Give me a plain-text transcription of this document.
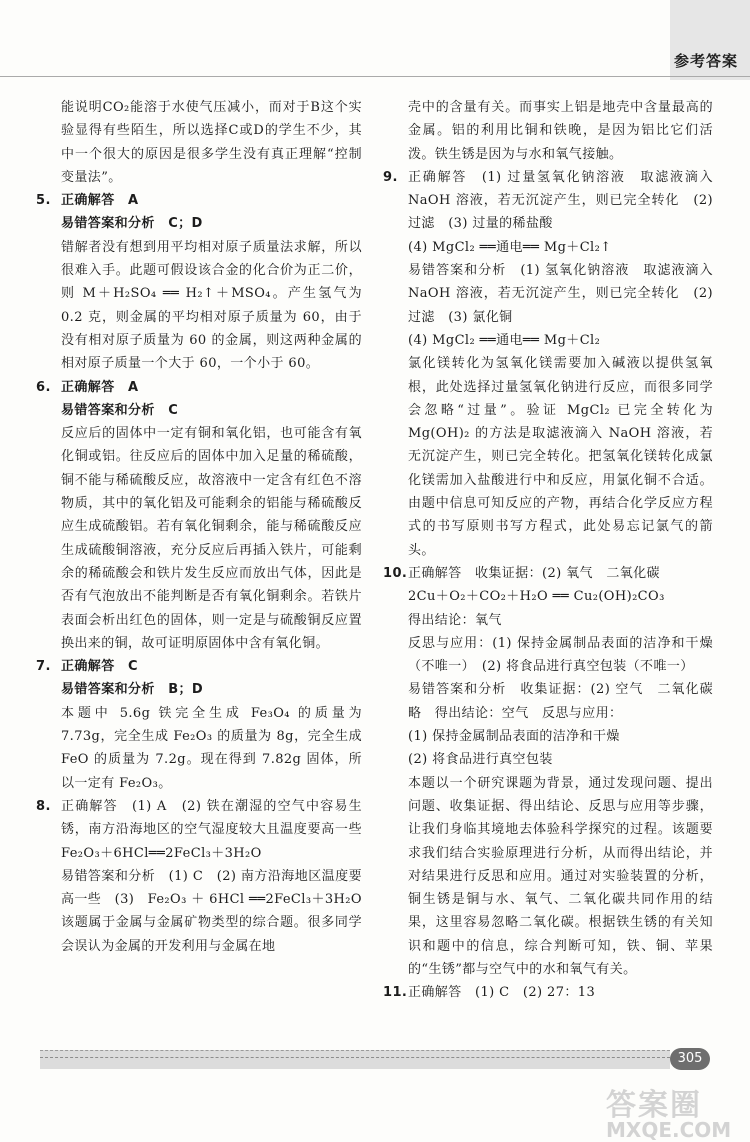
参考答案

能说明CO₂能溶于水使气压减小，而对于B这个实验显得有些陌生，所以选择C或D的学生不少，其中一个很大的原因是很多学生没有真正理解“控制变量法”。

5. 正确解答　A

易错答案和分析　C；D

错解者没有想到用平均相对原子质量法求解，所以很难入手。此题可假设该合金的化合价为正二价，则 M＋H₂SO₄ ══ H₂↑＋MSO₄。产生氢气为 0.2 克，则金属的平均相对原子质量为 60，由于没有相对原子质量为 60 的金属，则这两种金属的相对原子质量一个大于 60，一个小于 60。

6. 正确解答　A

易错答案和分析　C

反应后的固体中一定有铜和氧化铝，也可能含有氧化铜或铝。往反应后的固体中加入足量的稀硫酸，铜不能与稀硫酸反应，故溶液中一定含有红色不溶物质，其中的氧化铝及可能剩余的铝能与稀硫酸反应生成硫酸铝。若有氧化铜剩余，能与稀硫酸反应生成硫酸铜溶液，充分反应后再插入铁片，可能剩余的稀硫酸会和铁片发生反应而放出气体，因此是否有气泡放出不能判断是否有氧化铜剩余。若铁片表面会析出红色的固体，则一定是与硫酸铜反应置换出来的铜，故可证明原固体中含有氧化铜。

7. 正确解答　C

易错答案和分析　B；D

本题中 5.6g 铁完全生成 Fe₃O₄ 的质量为 7.73g，完全生成 Fe₂O₃ 的质量为 8g，完全生成 FeO 的质量为 7.2g。现在得到 7.82g 固体，所以一定有 Fe₂O₃。

8. 正确解答　(1) A　(2) 铁在潮湿的空气中容易生锈，南方沿海地区的空气湿度较大且温度要高一些　Fe₂O₃＋6HCl══2FeCl₃＋3H₂O

易错答案和分析　(1) C　(2) 南方沿海地区温度要高一些　(3)　Fe₂O₃ ＋ 6HCl ══2FeCl₃＋3H₂O

该题属于金属与金属矿物类型的综合题。很多同学会误认为金属的开发利用与金属在地

壳中的含量有关。而事实上铝是地壳中含量最高的金属。铝的利用比铜和铁晚，是因为铝比它们活泼。铁生锈是因为与水和氧气接触。

9. 正确解答　(1) 过量氢氧化钠溶液　取滤液滴入 NaOH 溶液，若无沉淀产生，则已完全转化　(2) 过滤　(3) 过量的稀盐酸

(4) MgCl₂ ══通电══ Mg＋Cl₂↑

易错答案和分析　(1) 氢氧化钠溶液　取滤液滴入 NaOH 溶液，若无沉淀产生，则已完全转化　(2) 过滤　(3) 氯化铜

(4) MgCl₂ ══通电══ Mg＋Cl₂

氯化镁转化为氢氧化镁需要加入碱液以提供氢氧根，此处选择过量氢氧化钠进行反应，而很多同学会忽略“过量”。验证 MgCl₂ 已完全转化为 Mg(OH)₂ 的方法是取滤液滴入 NaOH 溶液，若无沉淀产生，则已完全转化。把氢氧化镁转化成氯化镁需加入盐酸进行中和反应，用氯化铜不合适。由题中信息可知反应的产物，再结合化学反应方程式的书写原则书写方程式，此处易忘记氯气的箭头。

10. 正确解答　收集证据：(2) 氧气　二氧化碳

2Cu＋O₂＋CO₂＋H₂O ══ Cu₂(OH)₂CO₃

得出结论：氧气

反思与应用：(1) 保持金属制品表面的洁净和干燥（不唯一）　(2) 将食品进行真空包装（不唯一）

易错答案和分析　收集证据：(2) 空气　二氧化碳　略　得出结论：空气　反思与应用：

(1) 保持金属制品表面的洁净和干燥

(2) 将食品进行真空包装

本题以一个研究课题为背景，通过发现问题、提出问题、收集证据、得出结论、反思与应用等步骤，让我们身临其境地去体验科学探究的过程。该题要求我们结合实验原理进行分析，从而得出结论，并对结果进行反思和应用。通过对实验装置的分析，铜生锈是铜与水、氧气、二氧化碳共同作用的结果，这里容易忽略二氧化碳。根据铁生锈的有关知识和题中的信息，综合判断可知，铁、铜、苹果的“生锈”都与空气中的水和氧气有关。

11. 正确解答　(1) C　(2) 27：13

305
答案圈
MXQE.COM
